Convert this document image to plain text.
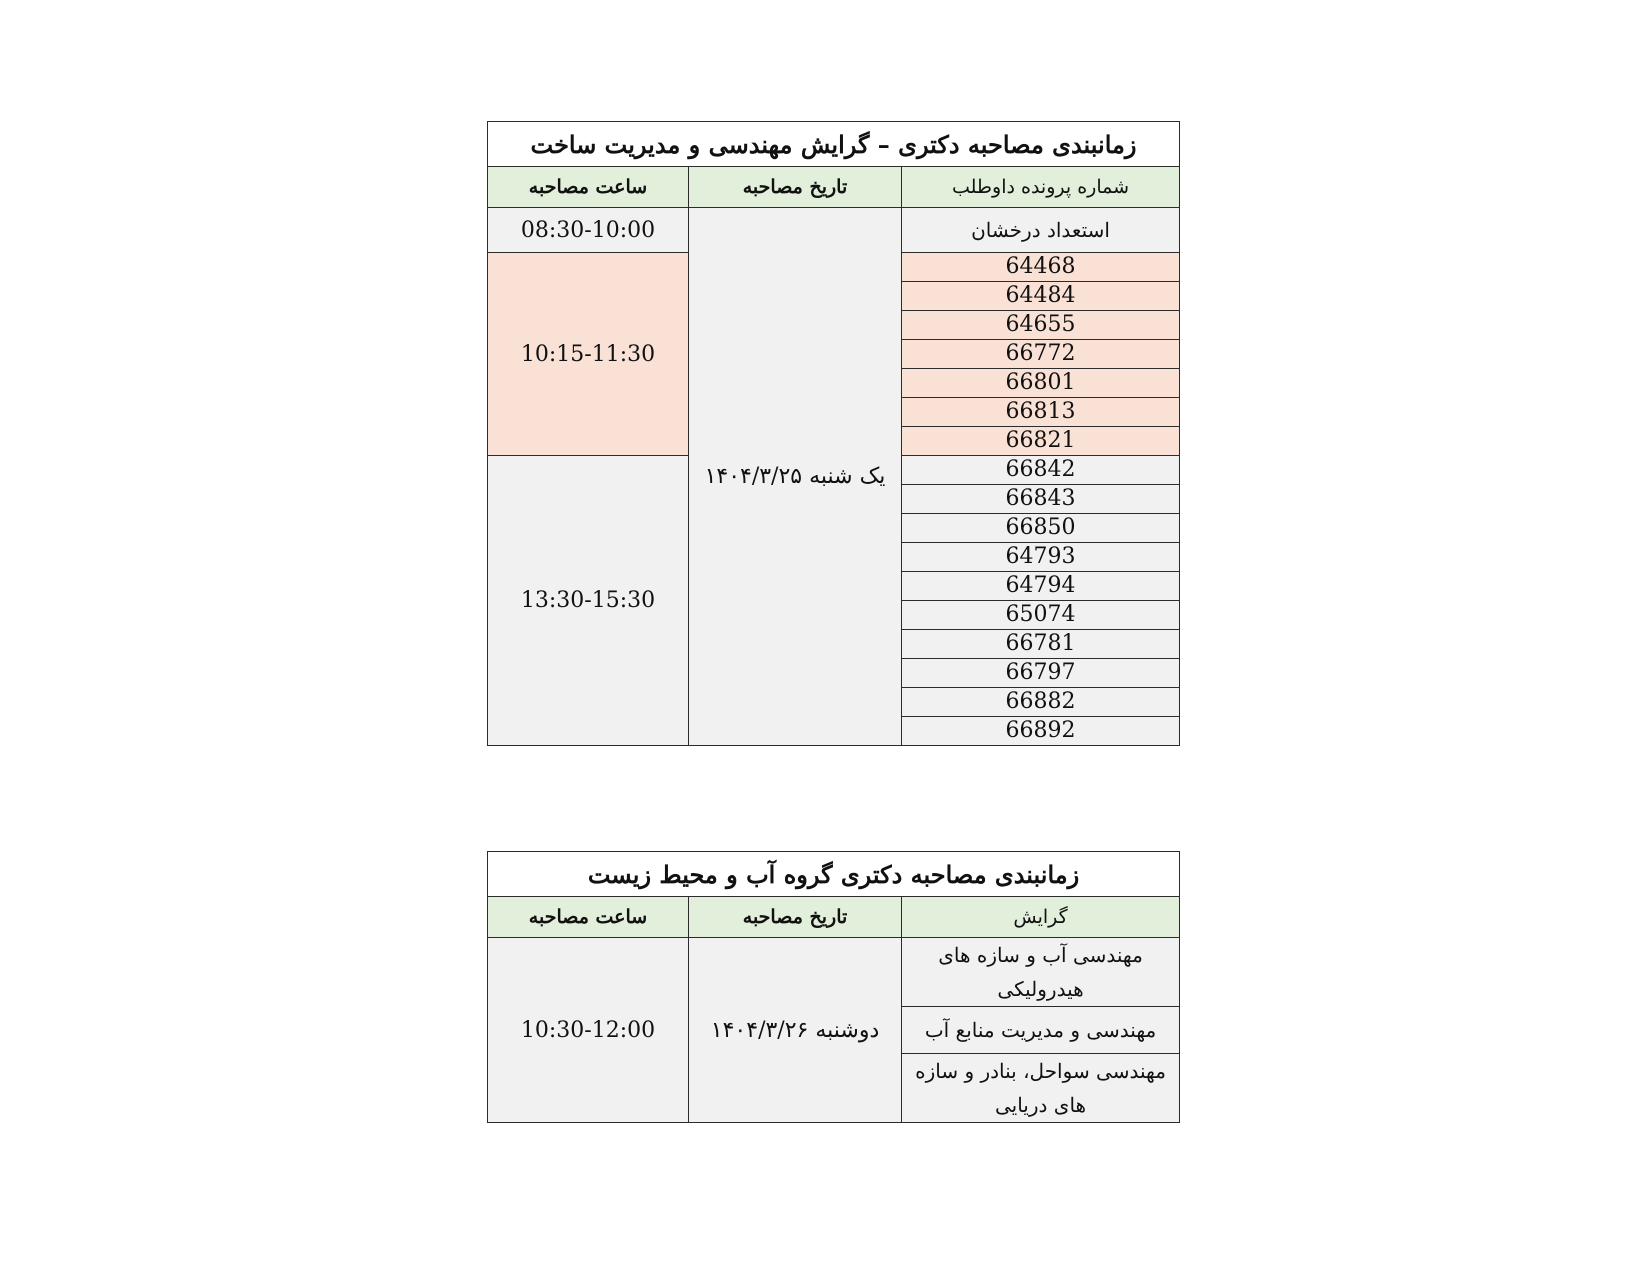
زمانبندی مصاحبه دکتری – گرایش مهندسی و مدیریت ساخت		
شماره پرونده داوطلب	تاریخ مصاحبه	ساعت مصاحبه
استعداد درخشان	یک شنبه ۱۴۰۴/۳/۲۵	08:30-10:00
64468		10:15-11:30
64484		
64655		
66772		
66801		
66813		
66821		
66842		13:30-15:30
66843		
66850		
64793		
64794		
65074		
66781		
66797		
66882		
66892		
زمانبندی مصاحبه دکتری گروه آب و محیط زیست		
گرایش	تاریخ مصاحبه	ساعت مصاحبه
مهندسی آب و سازه های هیدرولیکی	دوشنبه ۱۴۰۴/۳/۲۶	10:30-12:00
مهندسی و مدیریت منابع آب		
مهندسی سواحل، بنادر و سازه های دریایی		
